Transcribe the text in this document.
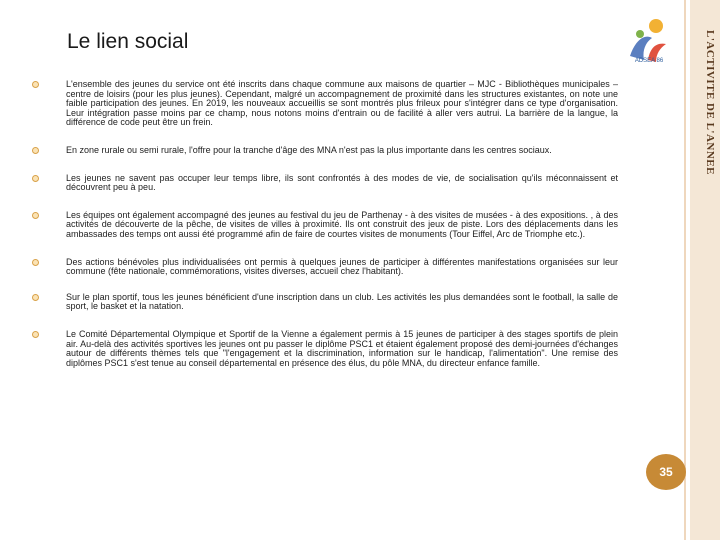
L'ACTIVITE DE L'ANNEE
Le lien social
ADSEA 86
L'ensemble des jeunes du service ont été inscrits dans chaque commune aux maisons de quartier – MJC - Bibliothèques municipales – centre de loisirs (pour les plus jeunes). Cependant, malgré un accompagnement de proximité dans les structures existantes, on note une faible participation des jeunes. En 2019, les nouveaux accueillis se sont montrés plus frileux pour s'intégrer dans ce type d'organisation. Leur intégration passe moins par ce champ, nous notons moins d'entrain ou de facilité à aller vers autrui. La barrière de la langue, la différence de code peut être un frein.
En zone rurale ou semi rurale, l'offre pour la tranche d'âge des MNA n'est pas la plus importante dans les centres sociaux.
Les jeunes ne savent pas occuper leur temps libre, ils sont confrontés à des modes de vie, de socialisation qu'ils méconnaissent et découvrent peu à peu.
Les équipes ont également accompagné des jeunes au festival du jeu de Parthenay - à des visites de musées - à des expositions. , à des activités de découverte de la pêche, de visites de villes à proximité. Ils ont construit des jeux de piste. Lors des déplacements dans les ambassades des temps ont aussi été programmé afin de faire de courtes visites de monuments (Tour Eiffel, Arc de Triomphe etc.).
Des actions bénévoles plus individualisées ont permis à quelques jeunes de participer à différentes manifestations organisées sur leur commune (fête nationale, commémorations, visites diverses, accueil chez l'habitant).
Sur le plan sportif, tous les jeunes bénéficient d'une inscription dans un club. Les activités les plus demandées sont le football, la salle de sport, le basket et la natation.
Le Comité Départemental Olympique et Sportif de la Vienne a également permis à 15 jeunes de participer à des stages sportifs de plein air. Au-delà des activités sportives les jeunes ont pu passer le diplôme PSC1 et étaient également proposé des demi-journées d'échanges autour de différents thèmes tels que "l'engagement et la discrimination, information sur le handicap, l'alimentation". Une remise des diplômes PSC1 s'est tenue au conseil départemental en présence des élus, du pôle MNA, du directeur enfance famille.
35
